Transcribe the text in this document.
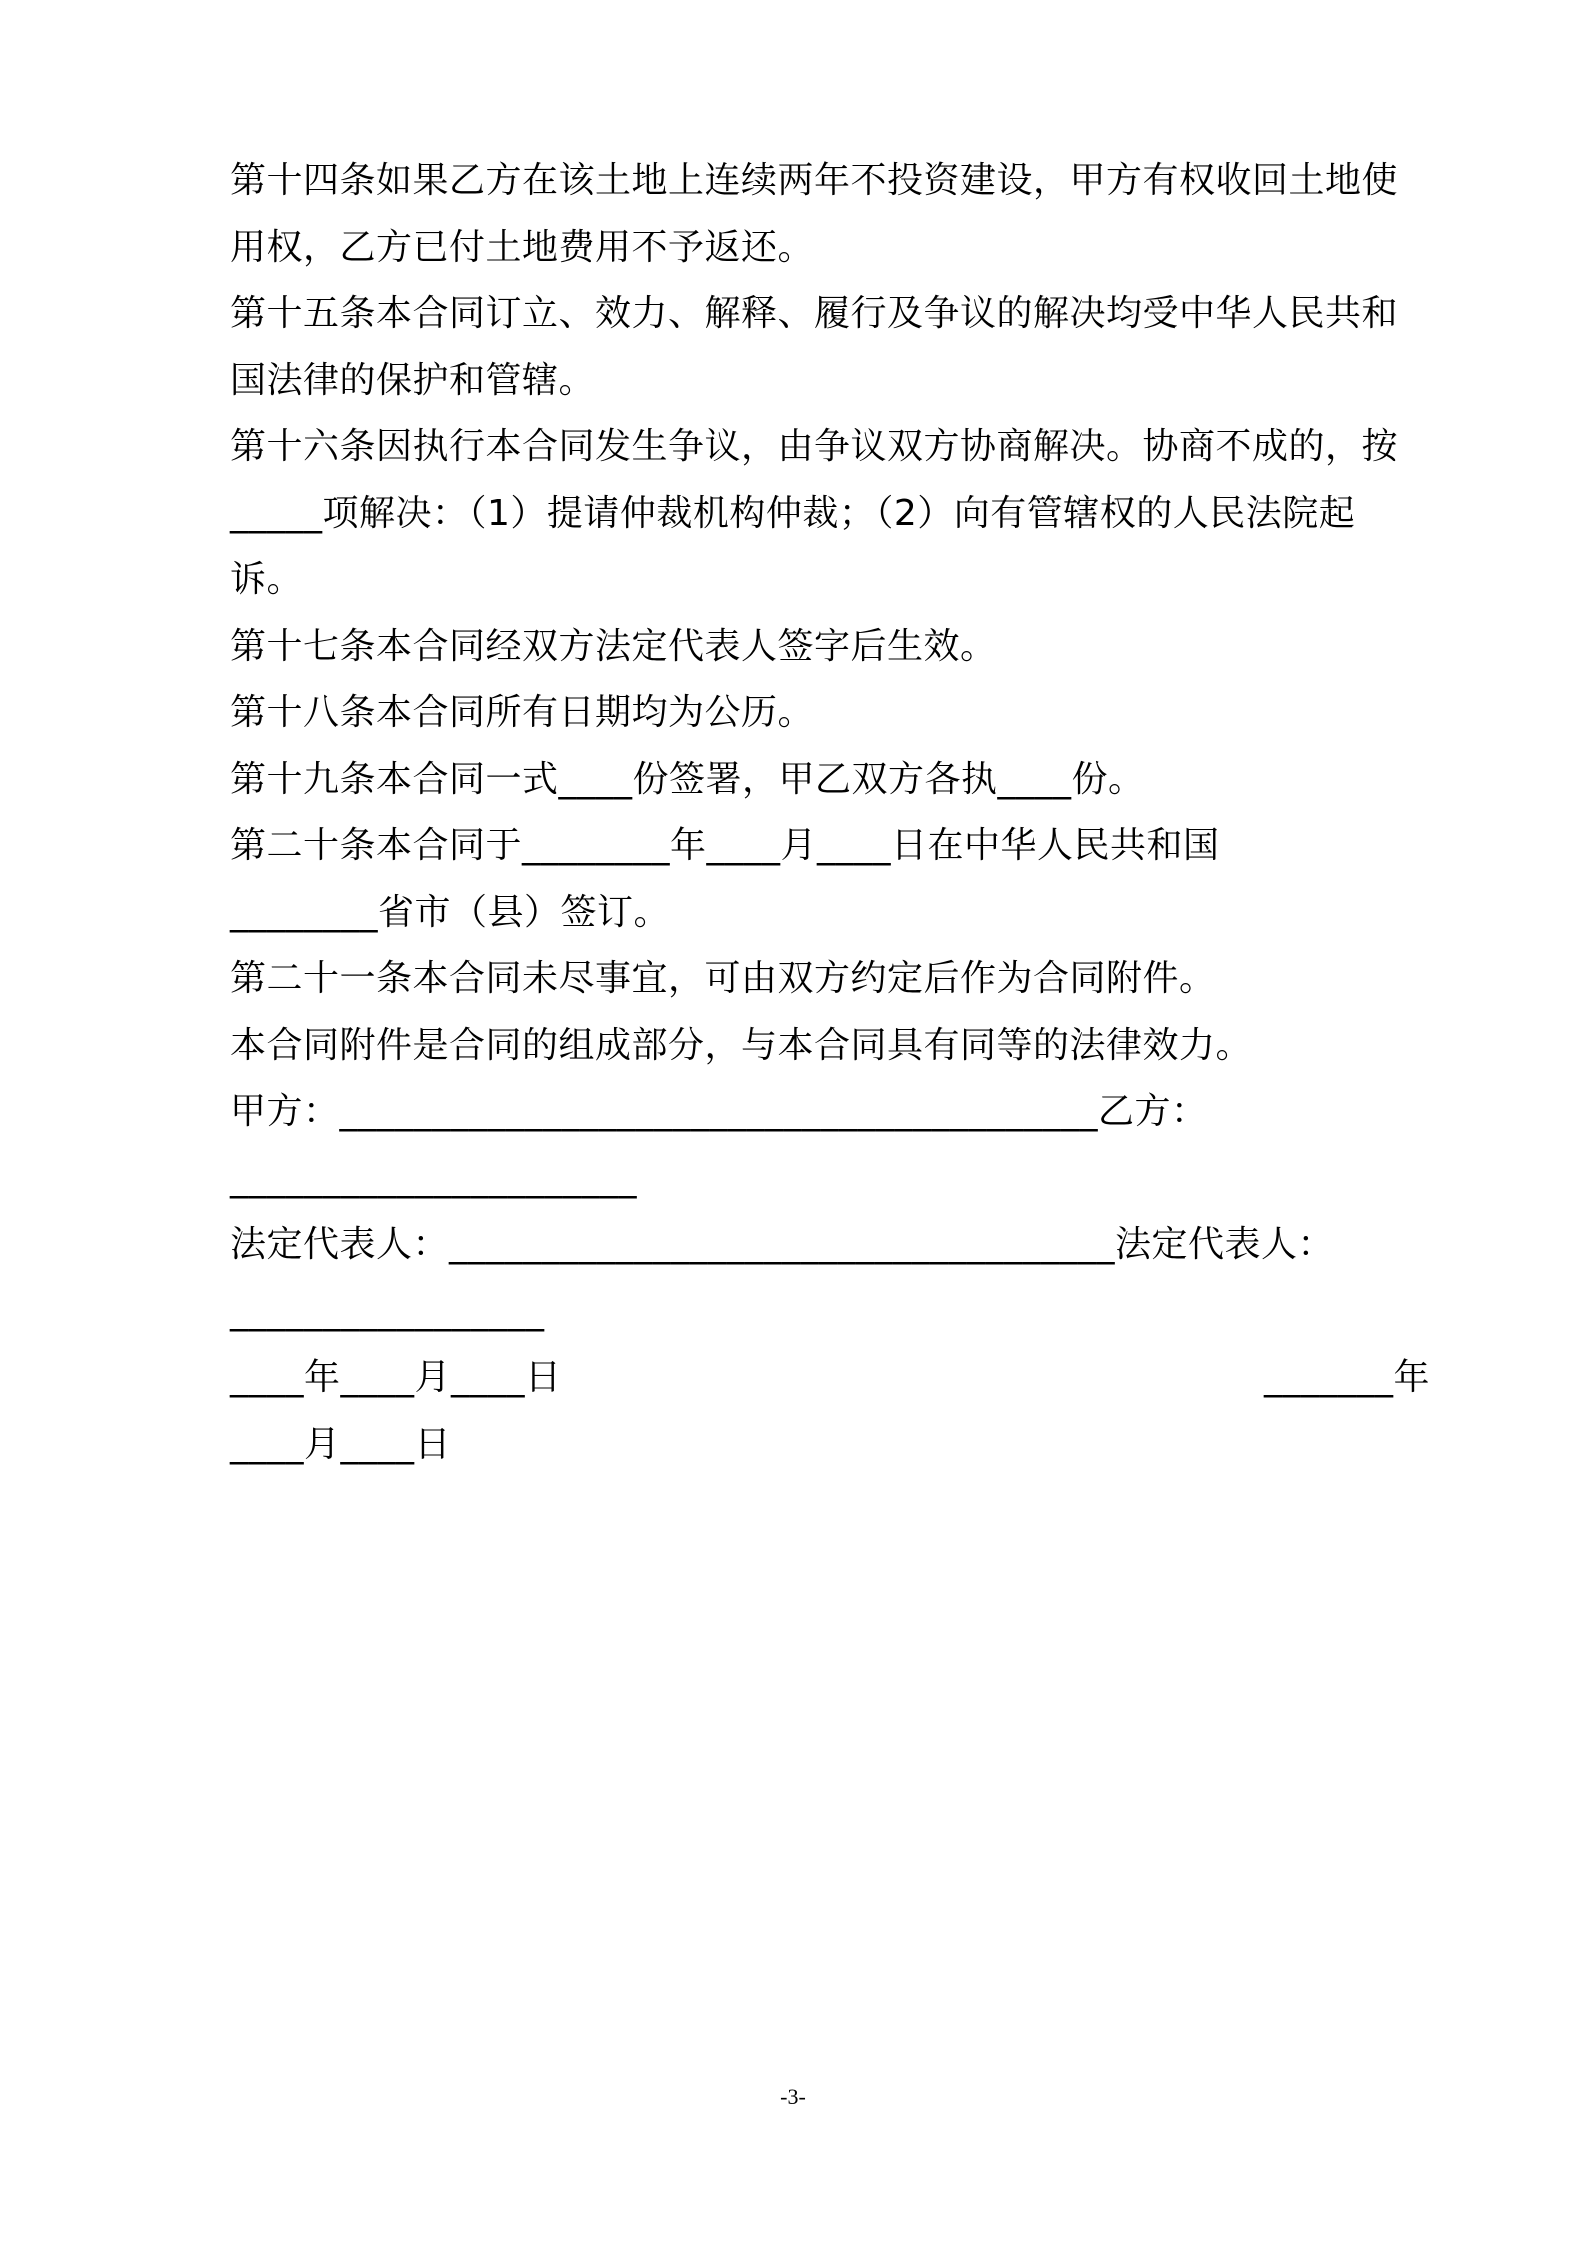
第十四条如果乙方在该土地上连续两年不投资建设，甲方有权收回土地使
用权，乙方已付土地费用不予返还。
第十五条本合同订立、效力、解释、履行及争议的解决均受中华人民共和
国法律的保护和管辖。
第十六条因执行本合同发生争议，由争议双方协商解决。协商不成的，按
_____项解决：（1）提请仲裁机构仲裁；（2）向有管辖权的人民法院起
诉。
第十七条本合同经双方法定代表人签字后生效。
第十八条本合同所有日期均为公历。
第十九条本合同一式____份签署，甲乙双方各执____份。
第二十条本合同于________年____月____日在中华人民共和国
________省市（县）签订。
第二十一条本合同未尽事宜，可由双方约定后作为合同附件。
本合同附件是合同的组成部分，与本合同具有同等的法律效力。
甲方：_________________________________________乙方：
______________________
法定代表人：____________________________________法定代表人：
_________________
____年____月____日	_______年
____月____日
-3-
